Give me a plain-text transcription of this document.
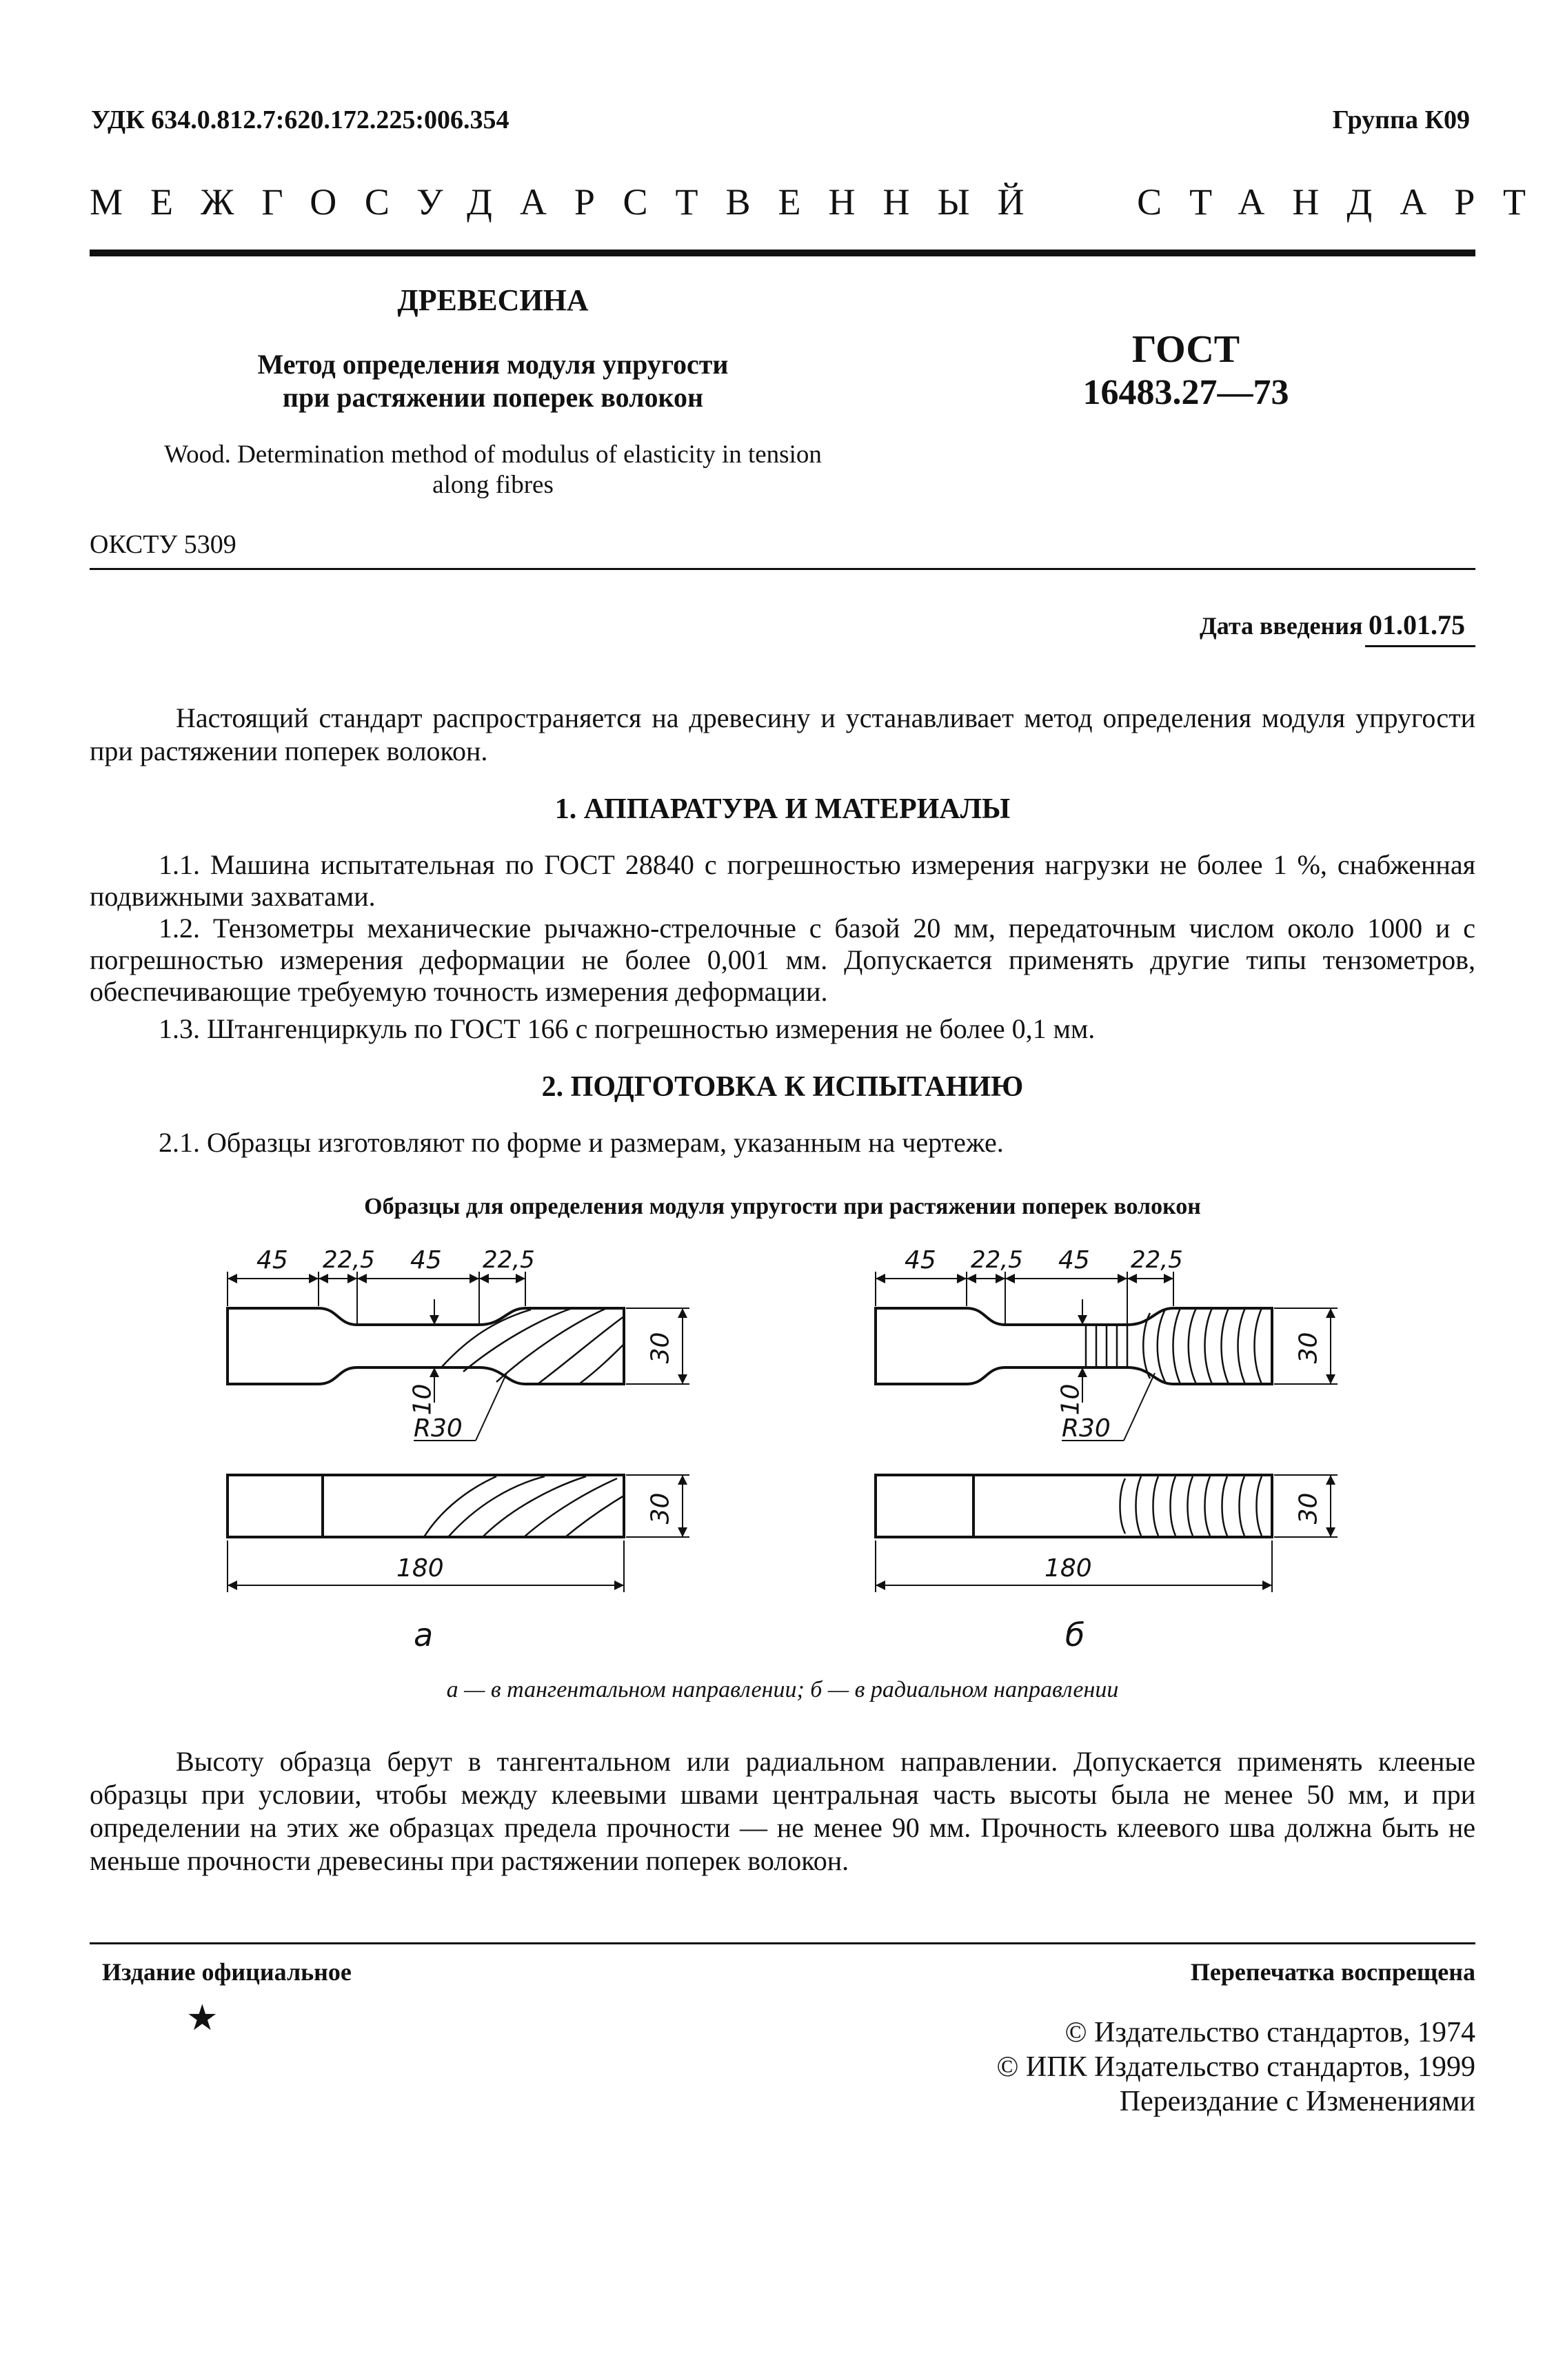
УДК 634.0.812.7:620.172.225:006.354	Группа К09
МЕЖГОСУДАРСТВЕННЫЙ СТАНДАРТ
ДРЕВЕСИНА
Метод определения модуля упругости
при растяжении поперек волокон
ГОСТ
16483.27—73
Wood. Determination method of modulus of elasticity in tension
along fibres
ОКСТУ 5309
Дата введения 01.01.75
Настоящий стандарт распространяется на древесину и устанавливает метод определения модуля упругости при растяжении поперек волокон.
1. АППАРАТУРА И МАТЕРИАЛЫ
1.1. Машина испытательная по ГОСТ 28840 с погрешностью измерения нагрузки не более 1 %, снабженная подвижными захватами.
1.2. Тензометры механические рычажно-стрелочные с базой 20 мм, передаточным числом около 1000 и с погрешностью измерения деформации не более 0,001 мм. Допускается применять другие типы тензометров, обеспечивающие требуемую точность измерения деформации.
1.3. Штангенциркуль по ГОСТ 166 с погрешностью измерения не более 0,1 мм.
2. ПОДГОТОВКА К ИСПЫТАНИЮ
2.1. Образцы изготовляют по форме и размерам, указанным на чертеже.
Образцы для определения модуля упругости при растяжении поперек волокон
45 22,5 45 22,5
30
10
R30
30
180
а
45 22,5 45 22,5
30
10
R30
30
180
б
а — в тангентальном направлении; б — в радиальном направлении
Высоту образца берут в тангентальном или радиальном направлении. Допускается применять клееные образцы при условии, чтобы между клеевыми швами центральная часть высоты была не менее 50 мм, и при определении на этих же образцах предела прочности — не менее 90 мм. Прочность клеевого шва должна быть не меньше прочности древесины при растяжении поперек волокон.
Издание официальное	Перепечатка воспрещена
★	© Издательство стандартов, 1974
© ИПК Издательство стандартов, 1999
Переиздание с Изменениями
